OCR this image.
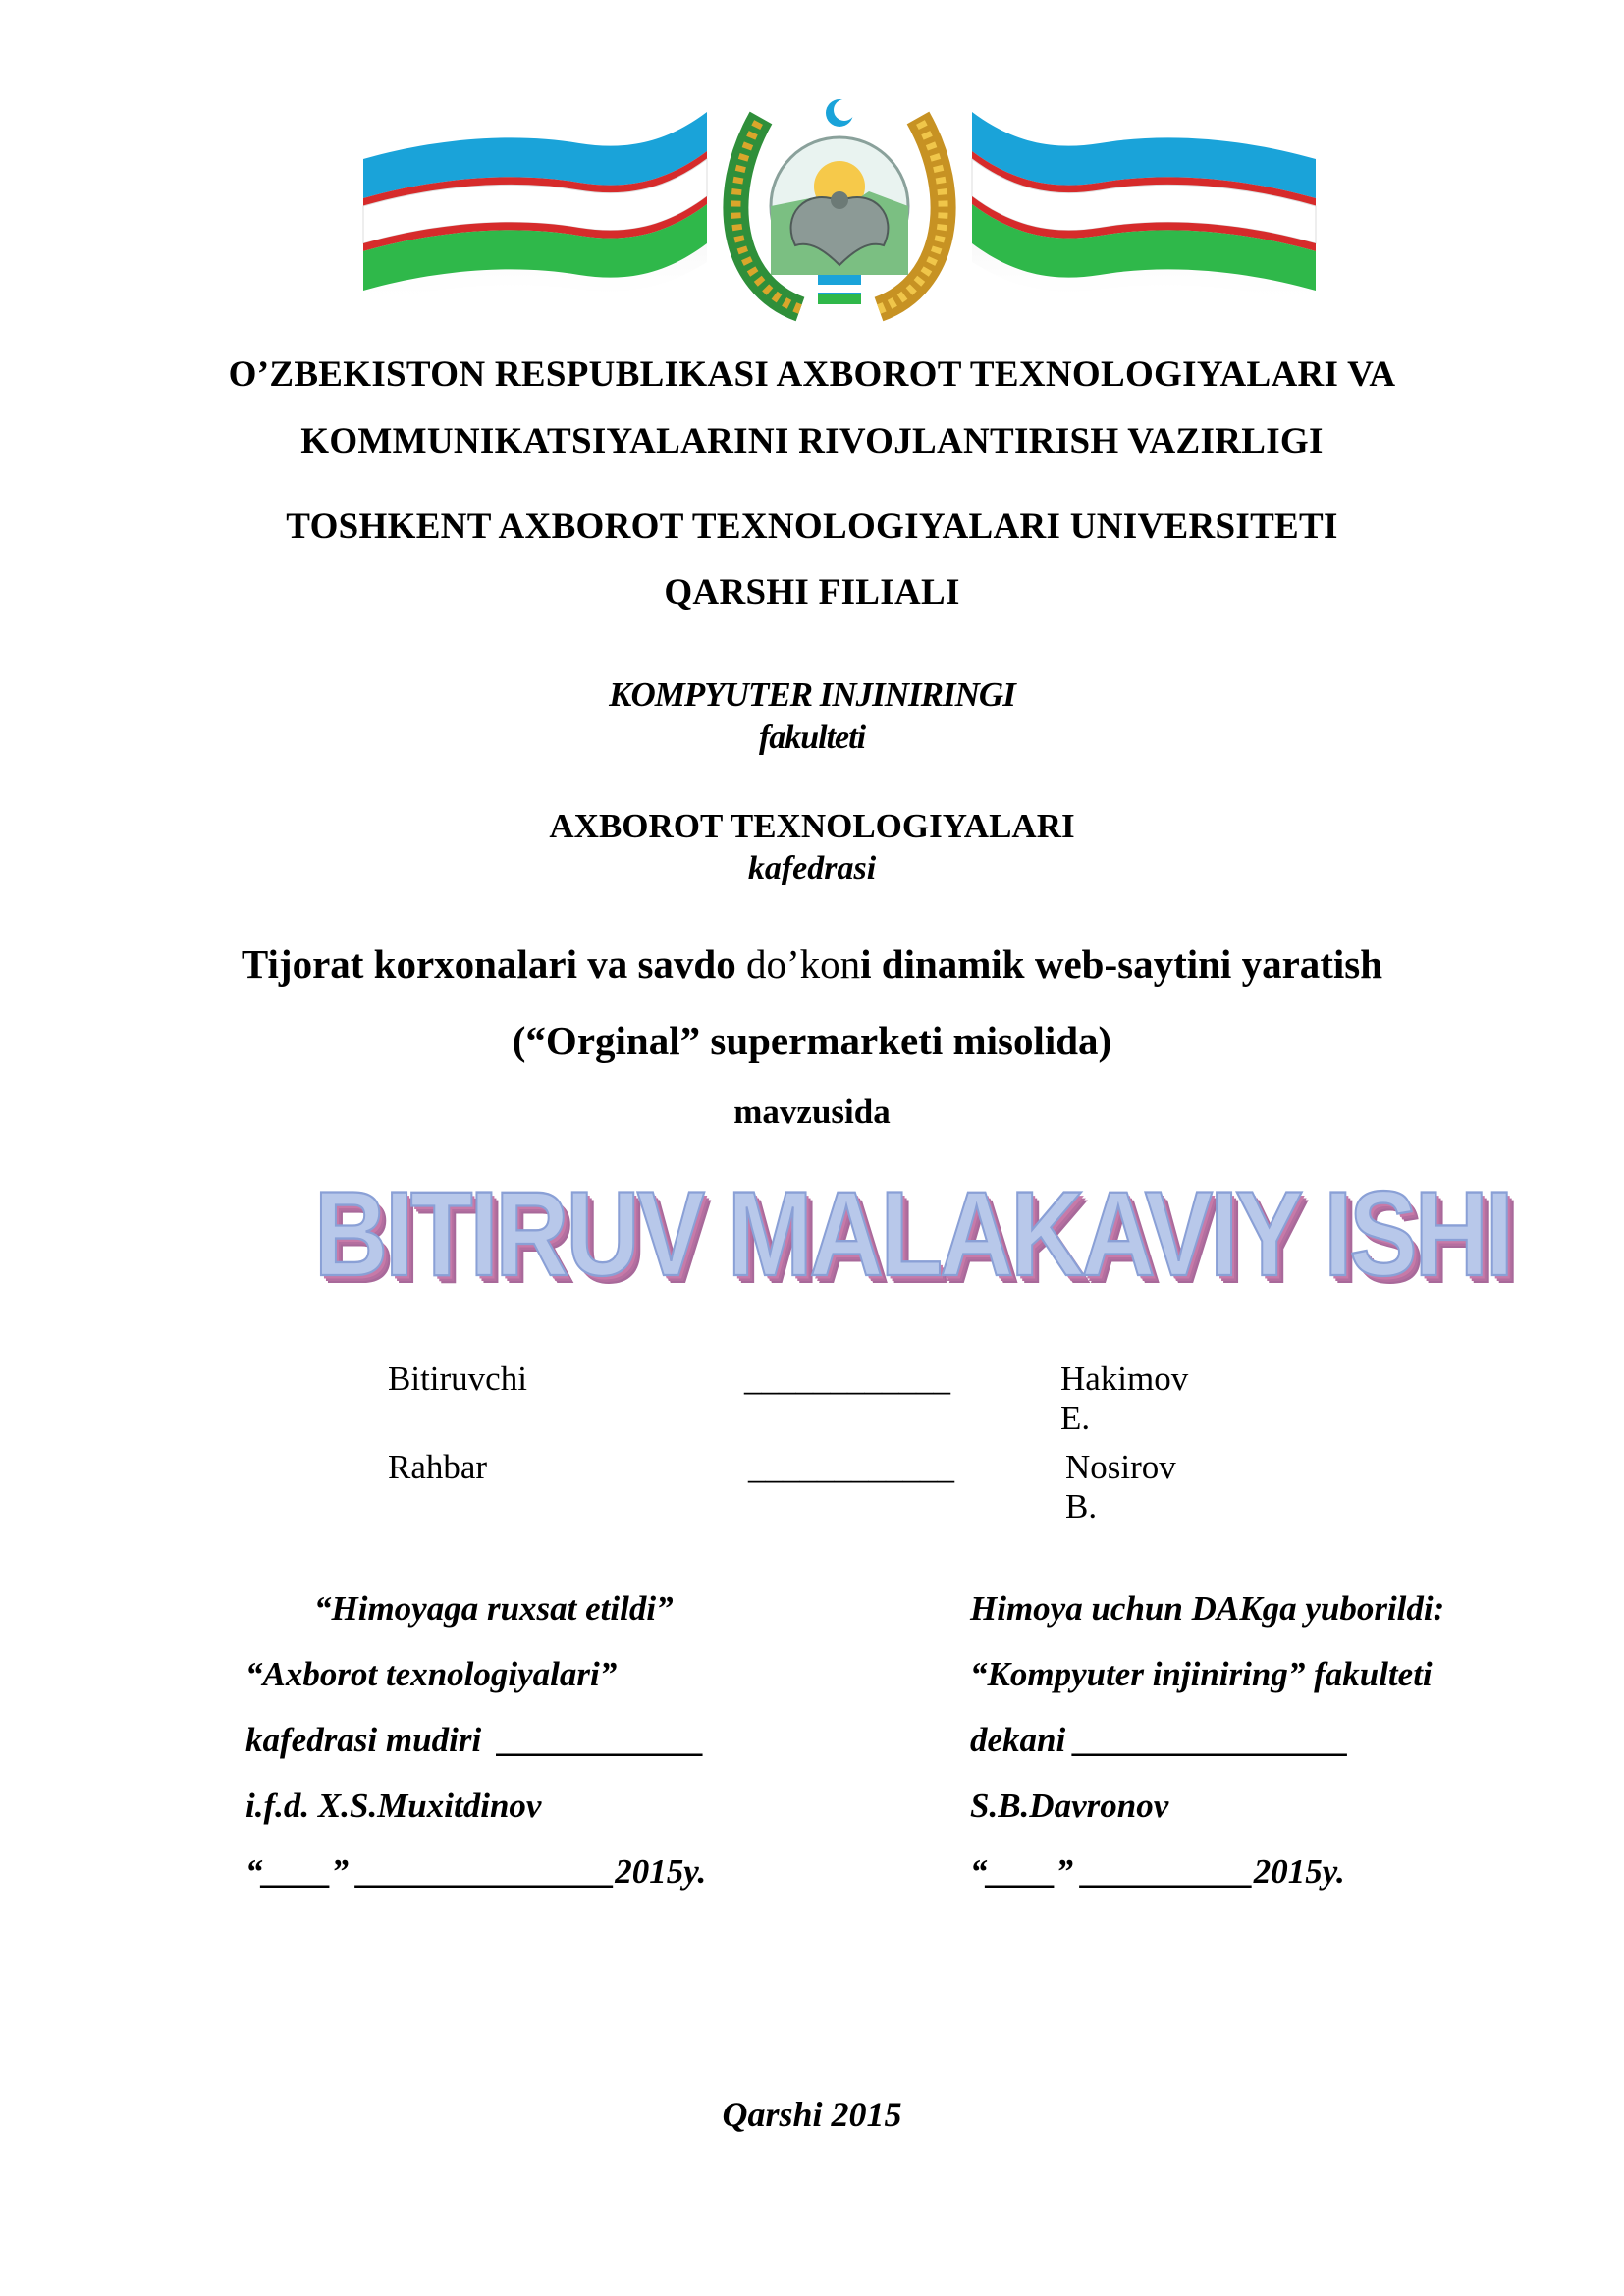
O’ZBEKISTON RESPUBLIKASI AXBOROT TEXNOLOGIYALARI VA
KOMMUNIKATSIYALARINI RIVOJLANTIRISH VAZIRLIGI
TOSHKENT AXBOROT TEXNOLOGIYALARI UNIVERSITETI
QARSHI FILIALI
KOMPYUTER INJINIRINGI
fakulteti
AXBOROT TEXNOLOGIYALARI
kafedrasi
Tijorat korxonalari va savdo do’koni dinamik web-saytini yaratish
(“Orginal” supermarketi misolida)
mavzusida
BITIRUV MALAKAVIY ISHI
Bitiruvchi	____________	Hakimov E.
Rahbar	____________	Nosirov B.
“Himoyaga ruxsat etildi”
“Axborot texnologiyalari”
kafedrasi mudiri  ____________
i.f.d. X.S.Muxitdinov
“____” _______________2015y.
Himoya uchun DAKga yuborildi:
“Kompyuter injiniring” fakulteti
dekani ________________
S.B.Davronov
“____” __________2015y.
Qarshi 2015
